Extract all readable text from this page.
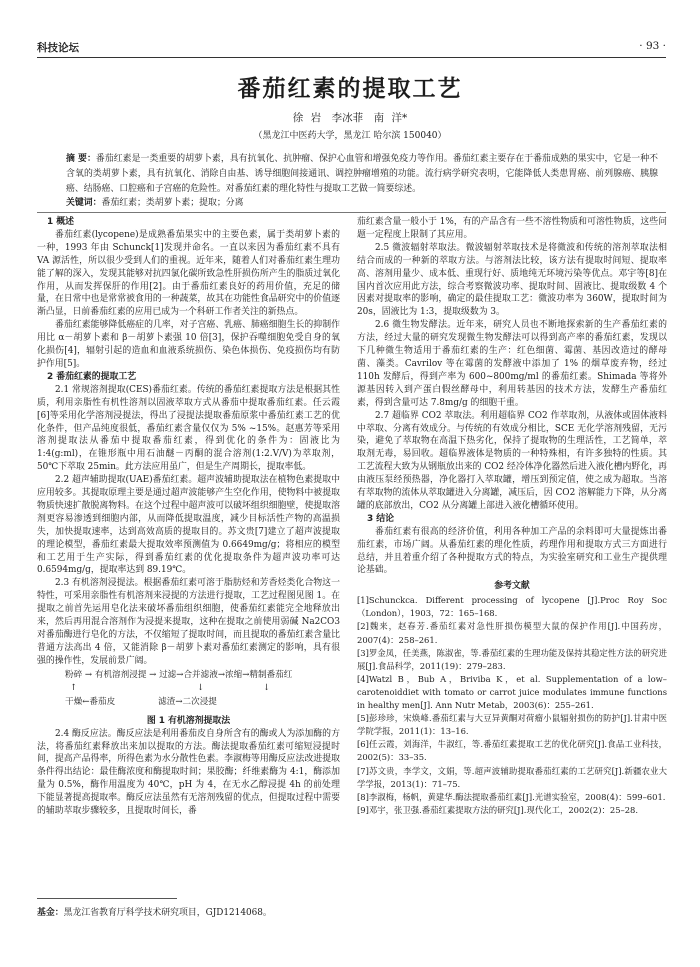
科技论坛	· 93 ·
番茄红素的提取工艺
徐 岩　李冰菲　南 洋*
（黑龙江中医药大学，黑龙江 哈尔滨 150040）
摘 要：番茄红素是一类重要的胡萝卜素，具有抗氧化、抗肿瘤、保护心血管和增强免疫力等作用。番茄红素主要存在于番茄成熟的果实中，它是一种不含氧的类胡萝卜素，具有抗氧化、消除自由基、诱导细胞间接通讯、调控肿瘤增殖的功能。流行病学研究表明，它能降低人类患胃癌、前列腺癌、胰腺癌、结肠癌、口腔癌和子宫癌的危险性。对番茄红素的理化特性与提取工艺做一简要综述。
关键词：番茄红素；类胡萝卜素；提取；分离

1 概述

番茄红素(lycopene)是成熟番茄果实中的主要色素，属于类胡萝卜素的一种，1993 年由 Schunck[1]发现并命名。一直以来因为番茄红素不具有 VA 源活性，所以很少受到人们的重视。近年来，随着人们对番茄红素生理功能了解的深入，发现其能够对抗四氯化碳所致急性肝损伤所产生的脂质过氧化作用，从而发挥保肝的作用[2]。由于番茄红素良好的药用价值，充足的储量，在日常中也是常常被食用的一种蔬菜，故其在功能性食品研究中的价值逐渐凸显，日前番茄红素的应用已成为一个科研工作者关注的新热点。

番茄红素能够降低癌症的几率，对子宫癌、乳癌、肺癌细胞生长的抑制作用比 α－胡萝卜素和 β－胡萝卜素强 10 倍[3]，保护吞噬细胞免受自身的氧化损伤[4]，辐射引起的造血和血液系统损伤、染色体损伤、免疫损伤均有防护作用[5]。

2 番茄红素的提取工艺

2.1 常规溶剂提取(CES)番茄红素。传统的番茄红素提取方法是根据其性质，利用亲脂性有机性溶剂以固液萃取方式从番茄中提取番茄红素。任云霞[6]等采用化学溶剂浸提法，得出了浸提法提取番茄原浆中番茄红素工艺的优化条件，但产品纯度很低，番茄红素含量仅仅为 5% ~15%。赵惠芳等采用溶剂提取法从番茄中提取番茄红素，得到优化的条件为：固液比为 1:4(g:ml)，在锥形瓶中用石油醚－丙酮的混合溶剂(1:2.V/V)为萃取剂，50℃下萃取 25min。此方法应用虽广，但是生产周期长，提取率低。

2.2 超声辅助提取(UAE)番茄红素。超声波辅助提取法在植物色素提取中应用较多。其提取原理主要是通过超声波能够产生空化作用，使物料中被提取物质快速扩散脱离物料。在这个过程中超声波可以破坏组织细胞壁，使提取溶剂更容易渗透到细胞内部，从而降低提取温度，减少目标活性产物的高温损失，加快提取速率，达到高效高质的提取目的。苏文贵[7]建立了超声波提取的理论模型，番茄红素最大提取效率预测值为 0.6649mg/g；将相应的模型和工艺用于生产实际，得到番茄红素的优化提取条件为超声波功率可达 0.6594mg/g，提取率达到 89.19℃。

2.3 有机溶剂浸提法。根据番茄红素可溶于脂肪烃和芳香烃类化合物这一特性，可采用亲脂性有机溶剂来浸提的方法进行提取，工艺过程图见图 1。在提取之前首先运用皂化法来破坏番茄组织细胞，使番茄红素能完全地释放出来，然后再用混合溶剂作为浸提来提取，这种在提取之前使用弱碱 Na2CO3 对番茄酶进行皂化的方法，不仅缩短了提取时间，而且提取的番茄红素含量比普通方法高出 4 倍，又能消除 β－胡萝卜素对番茄红素测定的影响，具有很强的操作性，发展前景广阔。

粉碎 → 有机溶剂浸提 → 过滤→合并滤液→浓缩→精制番茄红
↑	↓	↓
干燥←番茄皮　　　　　滤渣→二次浸提

图 1 有机溶剂提取法

2.4 酶反应法。酶反应法是利用番茄皮自身所含有的酶或人为添加酶的方法，将番茄红素释放出来加以提取的方法。酶法提取番茄红素可缩短浸提时间，提高产品得率，所得色素为水分散性色素。李淑梅等用酶反应法改进提取条件得出结论：最佳酶浓度和酶提取时间；果胶酶；纤维素酶为 4:1，酶添加量为 0.5%，酶作用温度为 40℃，pH 为 4，在无水乙醇浸提 4h 的前处理下能显著提高提取率。酶反应法虽然有无溶剂残留的优点，但提取过程中需要的辅助萃取步骤较多，且提取时间长，番

茄红素含量一般小于 1%，有的产品含有一些不溶性物质和可溶性物质，这些问题一定程度上限制了其应用。

2.5 微波辐射萃取法。微波辐射萃取技术是将微波和传统的溶剂萃取法相结合而成的一种新的萃取方法。与溶剂法比较，该方法有提取时间短、提取率高、溶剂用量少、成本低、重现行好、质地纯无环境污染等优点。邓宇等[8]在国内首次应用此方法，综合考察微波功率、提取时间、固液比、提取级数 4 个因素对提取率的影响，确定的最佳提取工艺：微波功率为 360W，提取时间为 20s，固液比为 1:3，提取级数为 3。

2.6 微生物发酵法。近年来，研究人员也不断地探索新的生产番茄红素的方法，经过大量的研究发现微生物发酵法可以得到高产率的番茄红素，发现以下几种微生物适用于番茄红素的生产：红色细菌、霉菌、基因改造过的酵母菌、藻类。Cavrilov 等在霉菌的发酵液中添加了 1% 的烟草废弃物，经过 110h 发酵后，得到产率为 600~800mg/ml 的番茄红素。Shimada 等将外源基因转入到产蛋白假丝酵母中，利用转基因的技术方法，发酵生产番茄红素，得到含量可达 7.8mg/g 的细胞干重。

2.7 超临界 CO2 萃取法。利用超临界 CO2 作萃取剂，从液体或固体液料中萃取、分离有效成分。与传统的有效成分相比，SCE 无化学溶剂残留，无污染，避免了萃取物在高温下热劣化，保持了提取物的生理活性，工艺简单，萃取剂无毒，易回收。超临界液体是物质的一种特殊相，有许多独特的性质。其工艺流程大致为从钢瓶放出来的 CO2 经冷体净化器然后进入液化槽内野化，再由液压泵经预热器，净化器打入萃取罐，增压到预定值，使之成为超取。当溶有萃取物的流体从萃取罐进入分离罐，减压后，因 CO2 溶解能力下降，从分离罐的底部放出，CO2 从分离罐上部进入液化槽循环使用。

3 结论

番茄红素有很高的经济价值，利用各种加工产品的余料即可大量提炼出番茄红素，市场广阔。从番茄红素的理化性质，药理作用和提取方式三方面进行总结，并且着重介绍了各种提取方式的特点，为实验室研究和工业生产提供理论基础。

参考文献

[1]Schunckca. Different processing of lycopene [J].Proc Roy Soc（London），1903，72：165–168.

[2]魏来，赵春芳.番茄红素对急性肝损伤模型大鼠的保护作用[J].中国药房，2007(4)：258–261.

[3]罗金凤，任美燕，陈淑雀，等.番茄红素的生理功能及保持其稳定性方法的研究进展[J].食品科学，2011(19)：279–283.

[4]Watzl B，Bub A，Briviba K，et al. Supplementation of a low–carotenoiddiet with tomato or carrot juice modulates immune functions in healthy men[J]. Ann Nutr Metab，2003(6)：255–261.

[5]彭珍珍，宋焕峰.番茄红素与大豆异黄酮对荷瘤小鼠辐射损伤的防护[J].甘肃中医学院学报，2011(1)：13–16.

[6]任云霞，刘海洋，牛淑红，等.番茄红素提取工艺的优化研究[J].食品工业科技，2002(5)：33–35.

[7]苏文贵，李学文，文娟，等.超声波辅助提取番茄红素的工艺研究[J].新疆农业大学学报，2013(1)：71–75.

[8]李淑梅，杨帆，黄建华.酶法提取番茄红素[J].光谱实验室，2008(4)：599–601.

[9]邓宇，张卫强.番茄红素提取方法的研究[J].现代化工，2002(2)：25–28.

基金：黑龙江省教育厅科学技术研究项目，GJD1214068。
